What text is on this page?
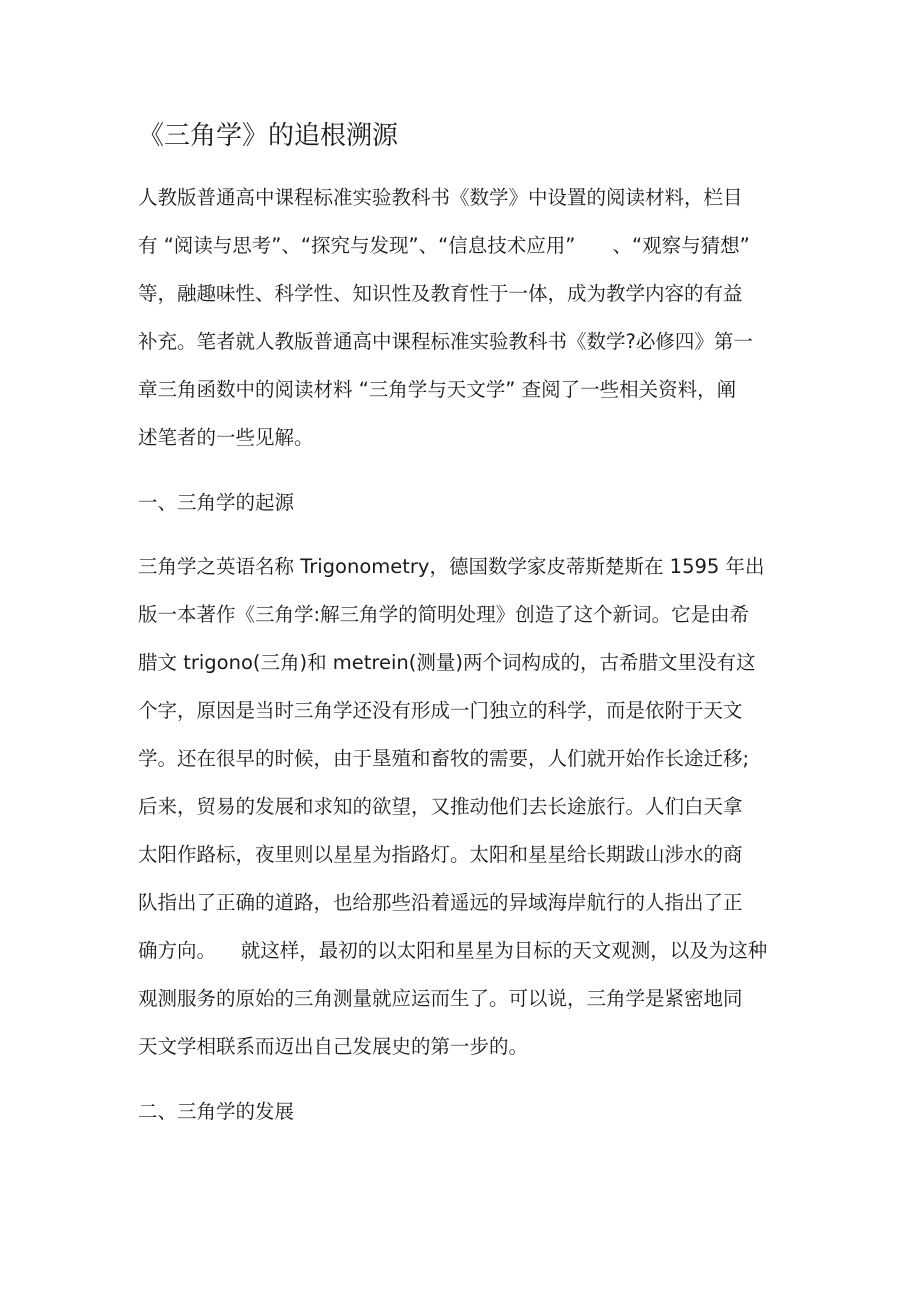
《三角学》的追根溯源
人教版普通高中课程标准实验教科书《数学》中设置的阅读材料，栏目
有 “阅读与思考”、“探究与发现”、“信息技术应用”      、“观察与猜想”
等，融趣味性、科学性、知识性及教育性于一体，成为教学内容的有益
补充。笔者就人教版普通高中课程标准实验教科书《数学?必修四》第一
章三角函数中的阅读材料 “三角学与天文学” 查阅了一些相关资料，阐
述笔者的一些见解。
一、三角学的起源
三角学之英语名称 Trigonometry，德国数学家皮蒂斯楚斯在 1595 年出
版一本著作《三角学:解三角学的简明处理》创造了这个新词。它是由希
腊文 trigono(三角)和 metrein(测量)两个词构成的，古希腊文里没有这
个字，原因是当时三角学还没有形成一门独立的科学，而是依附于天文
学。还在很早的时候，由于垦殖和畜牧的需要，人们就开始作长途迁移;
后来，贸易的发展和求知的欲望，又推动他们去长途旅行。人们白天拿
太阳作路标，夜里则以星星为指路灯。太阳和星星给长期跋山涉水的商
队指出了正确的道路，也给那些沿着遥远的异域海岸航行的人指出了正
确方向。    就这样，最初的以太阳和星星为目标的天文观测，以及为这种
观测服务的原始的三角测量就应运而生了。可以说，三角学是紧密地同
天文学相联系而迈出自己发展史的第一步的。
二、三角学的发展
